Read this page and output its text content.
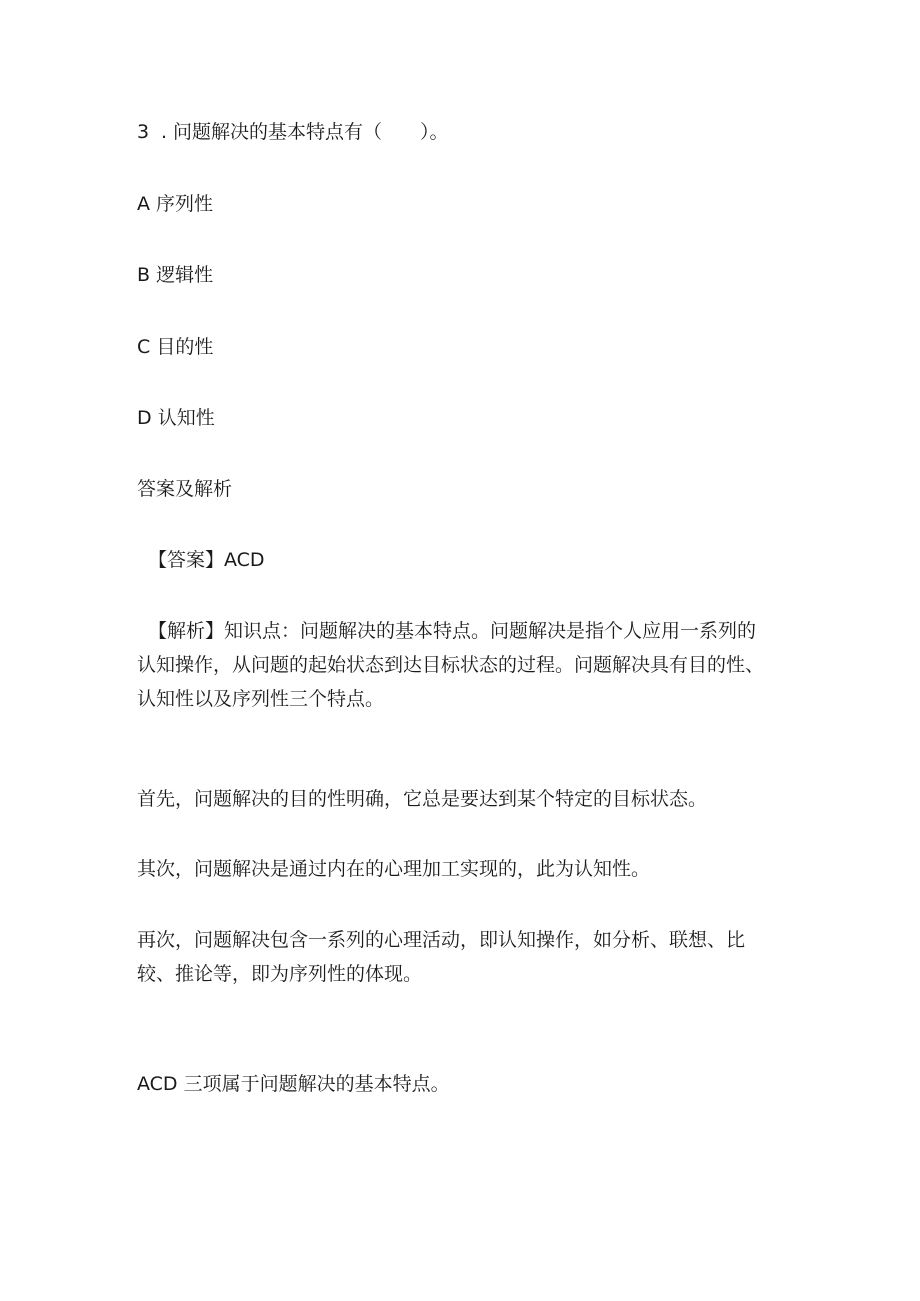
3 . 问题解决的基本特点有（　　）。
A 序列性
B 逻辑性
C 目的性
D 认知性
答案及解析
【答案】ACD
【解析】知识点：问题解决的基本特点。问题解决是指个人应用一系列的
认知操作，从问题的起始状态到达目标状态的过程。问题解决具有目的性、
认知性以及序列性三个特点。
首先，问题解决的目的性明确，它总是要达到某个特定的目标状态。
其次，问题解决是通过内在的心理加工实现的，此为认知性。
再次，问题解决包含一系列的心理活动，即认知操作，如分析、联想、比
较、推论等，即为序列性的体现。
ACD 三项属于问题解决的基本特点。
